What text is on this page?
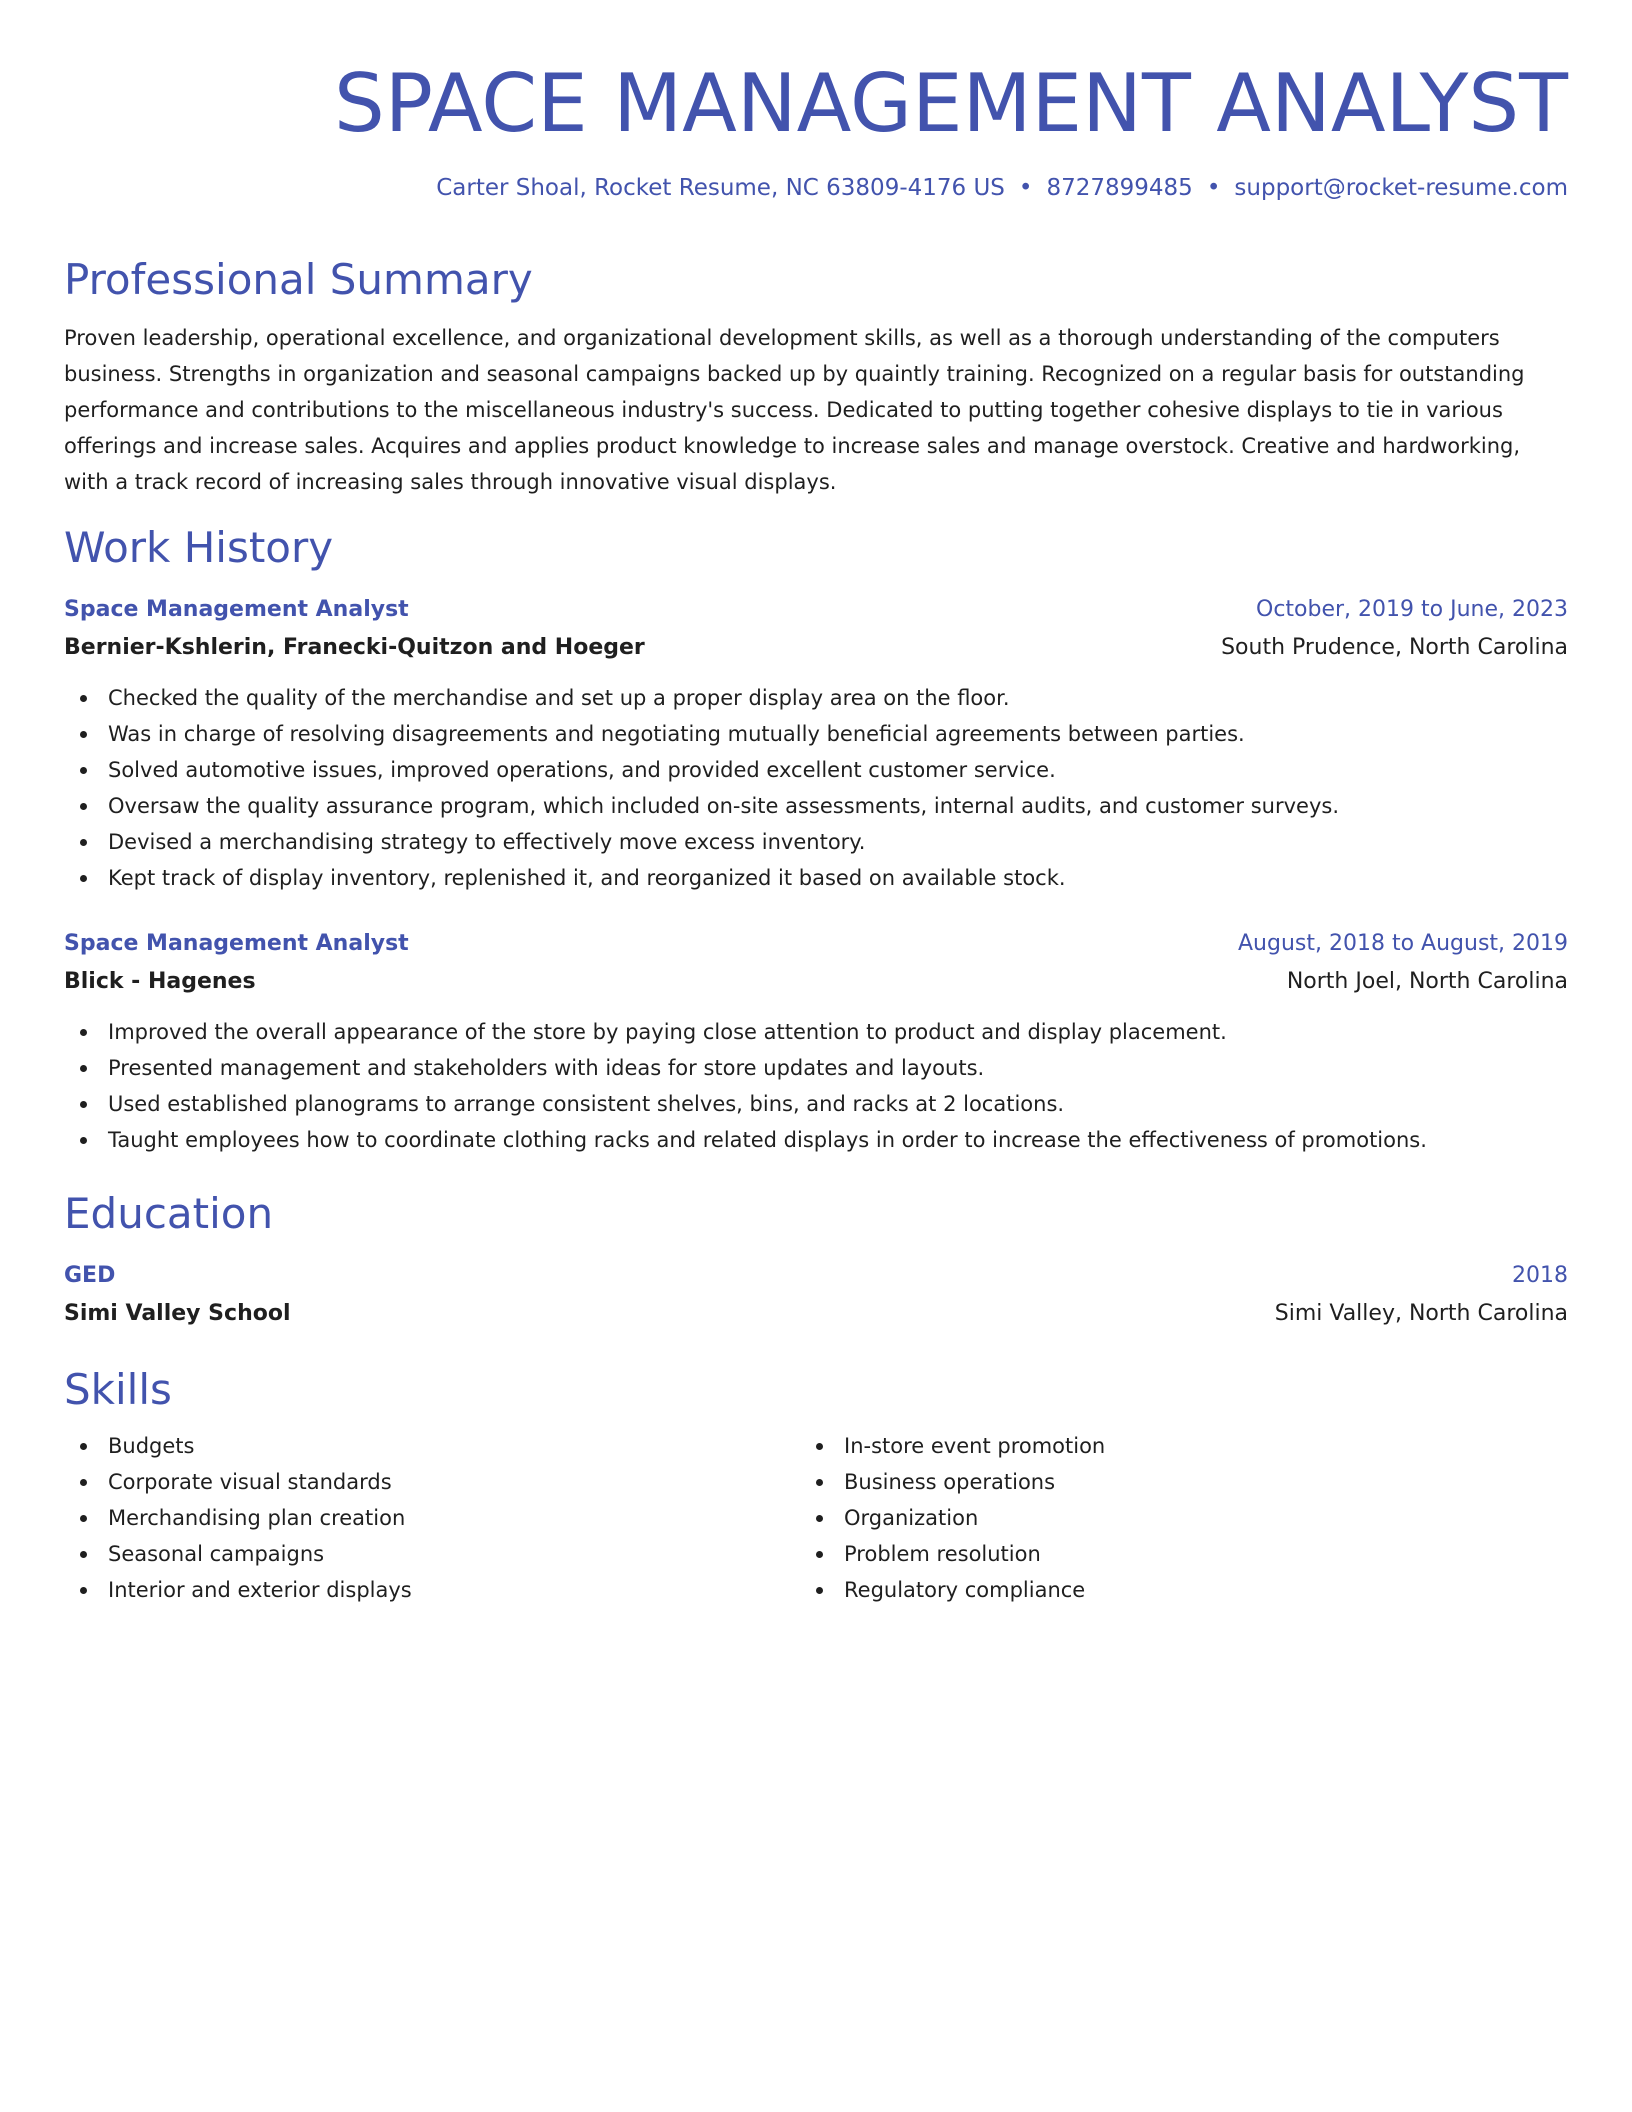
SPACE MANAGEMENT ANALYST
Carter Shoal, Rocket Resume, NC 63809-4176 US • 8727899485 • support@rocket-resume.com
Professional Summary
Proven leadership, operational excellence, and organizational development skills, as well as a thorough understanding of the computers business. Strengths in organization and seasonal campaigns backed up by quaintly training. Recognized on a regular basis for outstanding performance and contributions to the miscellaneous industry's success. Dedicated to putting together cohesive displays to tie in various offerings and increase sales. Acquires and applies product knowledge to increase sales and manage overstock. Creative and hardworking, with a track record of increasing sales through innovative visual displays.
Work History
Space Management Analyst	October, 2019 to June, 2023
Bernier-Kshlerin, Franecki-Quitzon and Hoeger	South Prudence, North Carolina
Checked the quality of the merchandise and set up a proper display area on the floor.
Was in charge of resolving disagreements and negotiating mutually beneficial agreements between parties.
Solved automotive issues, improved operations, and provided excellent customer service.
Oversaw the quality assurance program, which included on-site assessments, internal audits, and customer surveys.
Devised a merchandising strategy to effectively move excess inventory.
Kept track of display inventory, replenished it, and reorganized it based on available stock.
Space Management Analyst	August, 2018 to August, 2019
Blick - Hagenes	North Joel, North Carolina
Improved the overall appearance of the store by paying close attention to product and display placement.
Presented management and stakeholders with ideas for store updates and layouts.
Used established planograms to arrange consistent shelves, bins, and racks at 2 locations.
Taught employees how to coordinate clothing racks and related displays in order to increase the effectiveness of promotions.
Education
GED	2018
Simi Valley School	Simi Valley, North Carolina
Skills
Budgets
Corporate visual standards
Merchandising plan creation
Seasonal campaigns
Interior and exterior displays
In-store event promotion
Business operations
Organization
Problem resolution
Regulatory compliance
